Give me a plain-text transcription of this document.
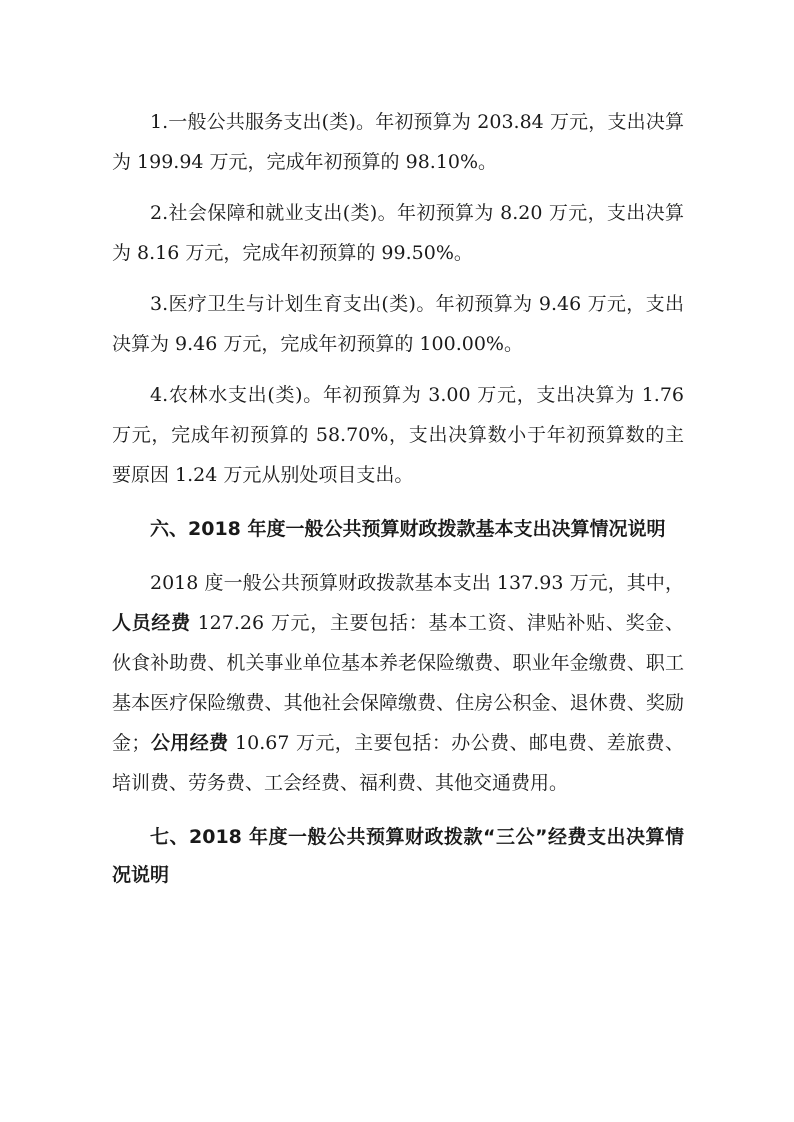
1.一般公共服务支出(类)。年初预算为 203.84 万元，支出决算为 199.94 万元，完成年初预算的 98.10%。

2.社会保障和就业支出(类)。年初预算为 8.20 万元，支出决算为 8.16 万元，完成年初预算的 99.50%。

3.医疗卫生与计划生育支出(类)。年初预算为 9.46 万元，支出决算为 9.46 万元，完成年初预算的 100.00%。

4.农林水支出(类)。年初预算为 3.00 万元，支出决算为 1.76 万元，完成年初预算的 58.70%，支出决算数小于年初预算数的主要原因 1.24 万元从别处项目支出。

六、2018 年度一般公共预算财政拨款基本支出决算情况说明

2018 度一般公共预算财政拨款基本支出 137.93 万元，其中，人员经费 127.26 万元，主要包括：基本工资、津贴补贴、奖金、伙食补助费、机关事业单位基本养老保险缴费、职业年金缴费、职工基本医疗保险缴费、其他社会保障缴费、住房公积金、退休费、奖励金；公用经费 10.67 万元，主要包括：办公费、邮电费、差旅费、培训费、劳务费、工会经费、福利费、其他交通费用。

七、2018 年度一般公共预算财政拨款“三公”经费支出决算情况说明
